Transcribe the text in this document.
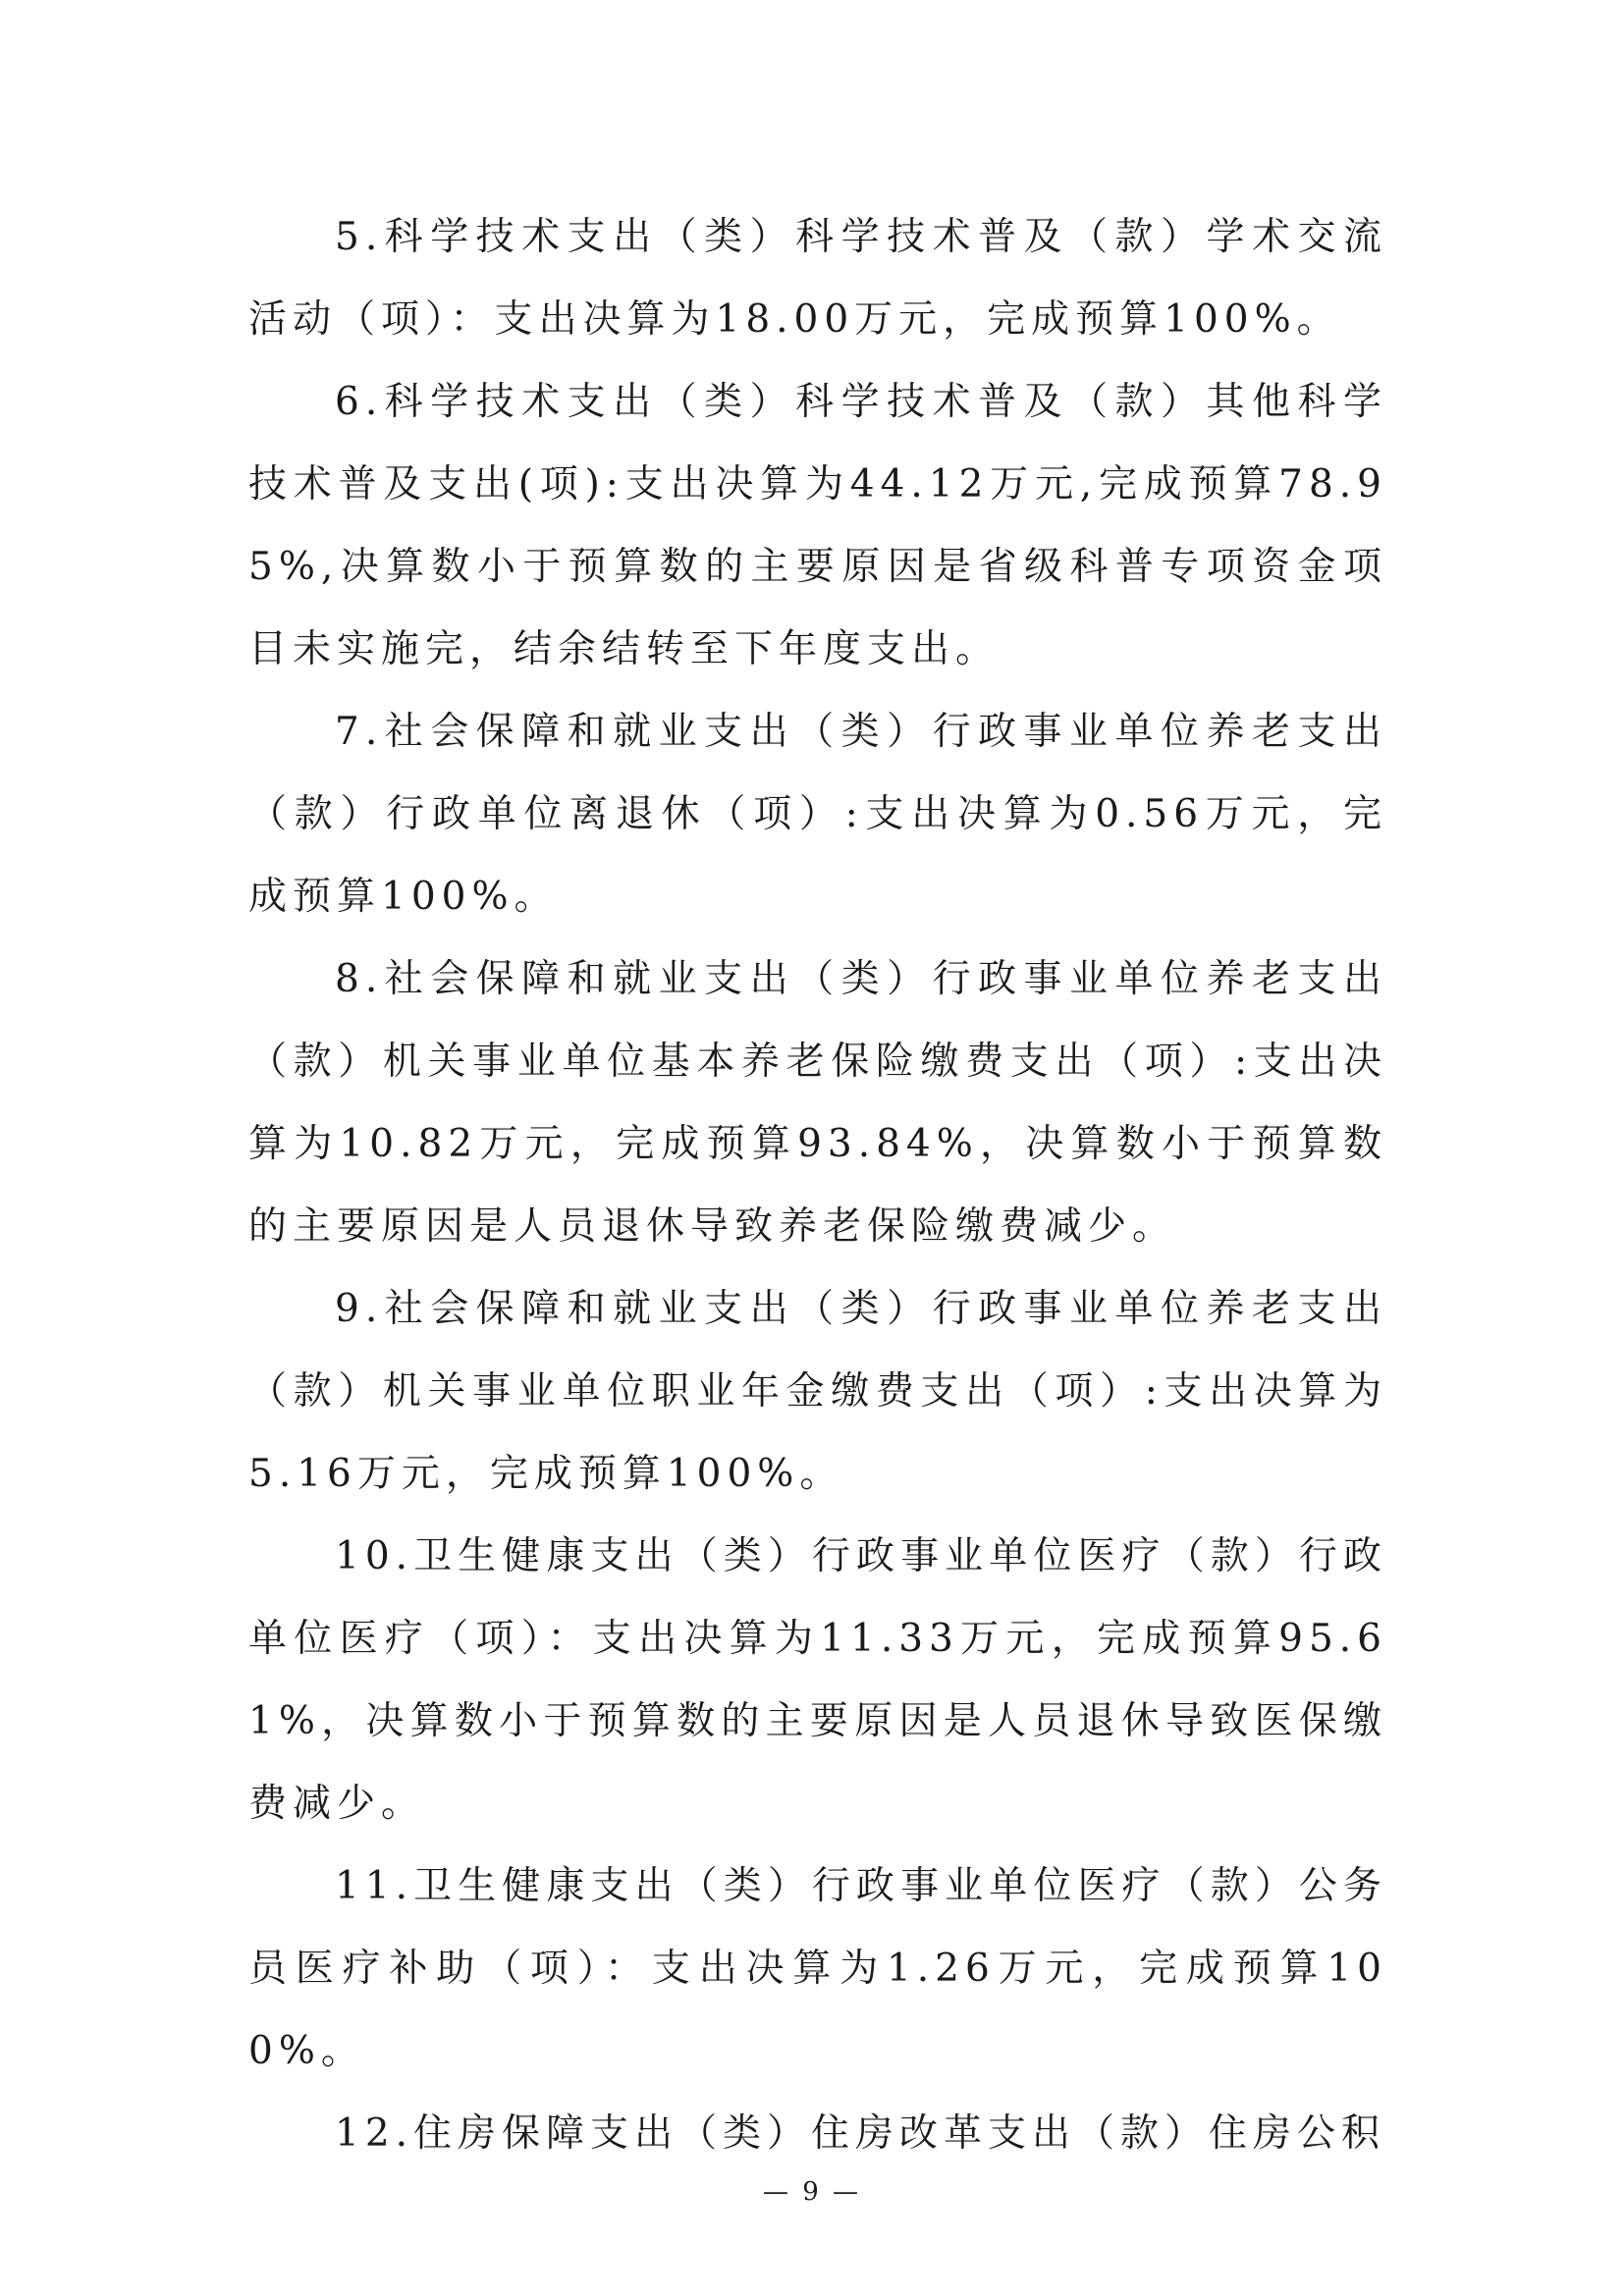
5.科学技术支出（类）科学技术普及（款）学术交流活动（项）：支出决算为18.00万元，完成预算100%。

6.科学技术支出（类）科学技术普及（款）其他科学技术普及支出(项):支出决算为44.12万元,完成预算78.95%,决算数小于预算数的主要原因是省级科普专项资金项目未实施完，结余结转至下年度支出。

7.社会保障和就业支出（类）行政事业单位养老支出（款）行政单位离退休（项）:支出决算为0.56万元，完成预算100%。

8.社会保障和就业支出（类）行政事业单位养老支出（款）机关事业单位基本养老保险缴费支出（项）:支出决算为10.82万元，完成预算93.84%，决算数小于预算数的主要原因是人员退休导致养老保险缴费减少。

9.社会保障和就业支出（类）行政事业单位养老支出（款）机关事业单位职业年金缴费支出（项）:支出决算为5.16万元，完成预算100%。

10.卫生健康支出（类）行政事业单位医疗（款）行政单位医疗（项）：支出决算为11.33万元，完成预算95.61%，决算数小于预算数的主要原因是人员退休导致医保缴费减少。

11.卫生健康支出（类）行政事业单位医疗（款）公务员医疗补助（项）：支出决算为1.26万元，完成预算100%。

12.住房保障支出（类）住房改革支出（款）住房公积

— 9 —
